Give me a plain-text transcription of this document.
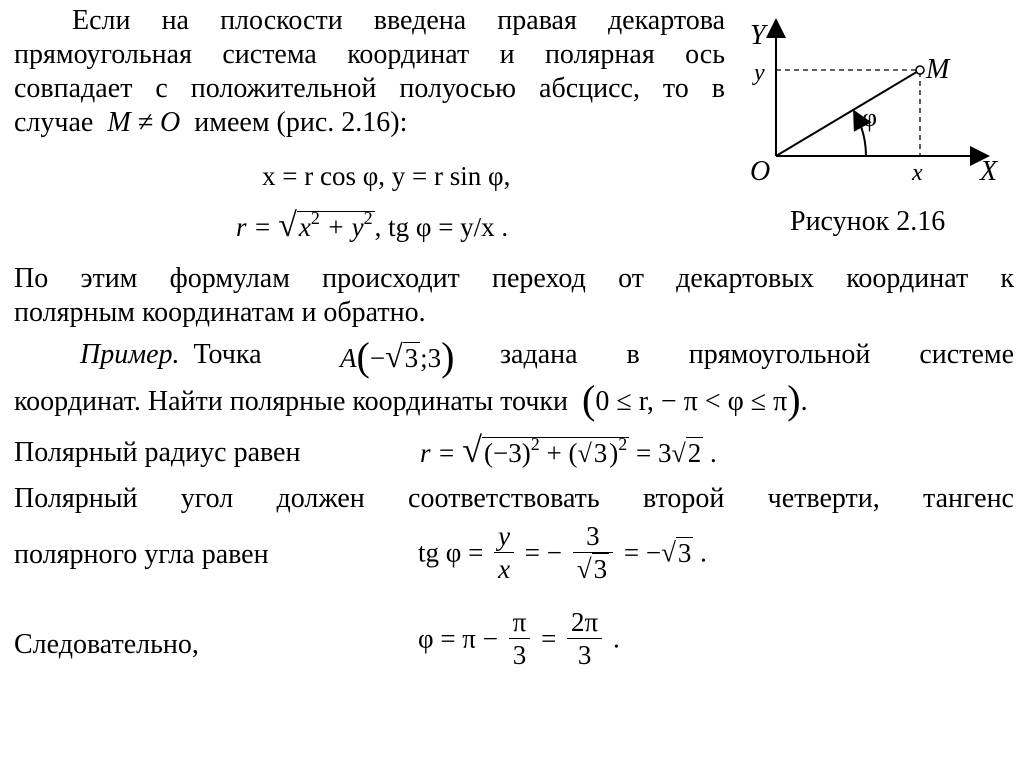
Если на плоскости введена правая декартова
прямоугольная система координат и полярная ось
совпадает с положительной полуосью абсцисс, то в
случае M ≠ O имеем (рис. 2.16):
x = r cos φ, y = r sin φ,
$r = √x^2 + y^2$, tg φ = y/x .
Y
X
O
M
x
y
φ
Рисунок 2.16
По этим формулам происходит переход от декартовых координат к
полярным координатам и обратно.
Пример. Точка	A(−√3;3) задана в прямоугольной системе
координат. Найти полярные координаты точки (0 ≤ r, − π < φ ≤ π).
Полярный радиус равен	$r = √(-3)^2 + (√3)^2 = 3√2$ .
Полярный угол должен соответствовать второй четверти, тангенс
полярного угла равен	tg $\varphi = \frac{y}{x}$ = − $\frac{3}{√3} = -√3$ .
Следовательно,	$\varphi = \pi - \frac{\pi}{3} = \frac{2\pi}{3}$ .
